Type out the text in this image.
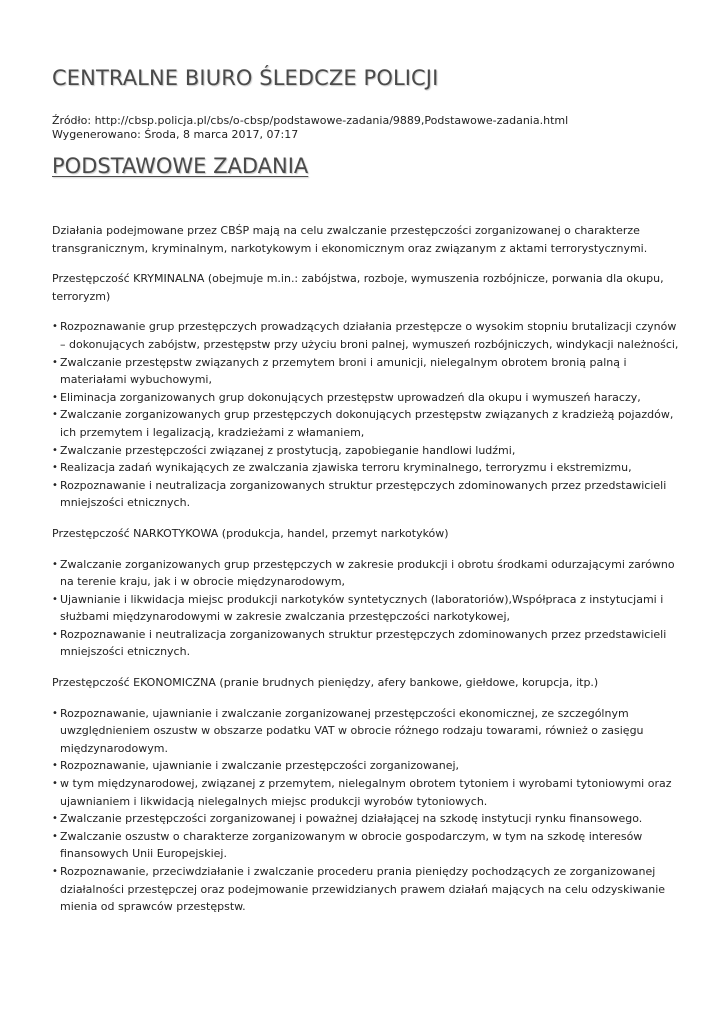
CENTRALNE BIURO ŚLEDCZE POLICJI
Źródło: http://cbsp.policja.pl/cbs/o-cbsp/podstawowe-zadania/9889,Podstawowe-zadania.html
Wygenerowano: Środa, 8 marca 2017, 07:17
PODSTAWOWE ZADANIA

Działania podejmowane przez CBŚP mają na celu zwalczanie przestępczości zorganizowanej o charakterze transgranicznym, kryminalnym, narkotykowym i ekonomicznym oraz związanym z aktami terrorystycznymi.

Przestępczość KRYMINALNA (obejmuje m.in.: zabójstwa, rozboje, wymuszenia rozbójnicze, porwania dla okupu, terroryzm)

• Rozpoznawanie grup przestępczych prowadzących działania przestępcze o wysokim stopniu brutalizacji czynów – dokonujących zabójstw, przestępstw przy użyciu broni palnej, wymuszeń rozbójniczych, windykacji należności,
• Zwalczanie przestępstw związanych z przemytem broni i amunicji, nielegalnym obrotem bronią palną i materiałami wybuchowymi,
• Eliminacja zorganizowanych grup dokonujących przestępstw uprowadzeń dla okupu i wymuszeń haraczy,
• Zwalczanie zorganizowanych grup przestępczych dokonujących przestępstw związanych z kradzieżą pojazdów, ich przemytem i legalizacją, kradzieżami z włamaniem,
• Zwalczanie przestępczości związanej z prostytucją, zapobieganie handlowi ludźmi,
• Realizacja zadań wynikających ze zwalczania zjawiska terroru kryminalnego, terroryzmu i ekstremizmu,
• Rozpoznawanie i neutralizacja zorganizowanych struktur przestępczych zdominowanych przez przedstawicieli mniejszości etnicznych.

Przestępczość NARKOTYKOWA (produkcja, handel, przemyt narkotyków)

• Zwalczanie zorganizowanych grup przestępczych w zakresie produkcji i obrotu środkami odurzającymi zarówno na terenie kraju, jak i w obrocie międzynarodowym,
• Ujawnianie i likwidacja miejsc produkcji narkotyków syntetycznych (laboratoriów),Współpraca z instytucjami i służbami międzynarodowymi w zakresie zwalczania przestępczości narkotykowej,
• Rozpoznawanie i neutralizacja zorganizowanych struktur przestępczych zdominowanych przez przedstawicieli mniejszości etnicznych.

Przestępczość EKONOMICZNA (pranie brudnych pieniędzy, afery bankowe, giełdowe, korupcja, itp.)

• Rozpoznawanie, ujawnianie i zwalczanie zorganizowanej przestępczości ekonomicznej, ze szczególnym uwzględnieniem oszustw w obszarze podatku VAT w obrocie różnego rodzaju towarami, również o zasięgu międzynarodowym.
• Rozpoznawanie, ujawnianie i zwalczanie przestępczości zorganizowanej,
• w tym międzynarodowej, związanej z przemytem, nielegalnym obrotem tytoniem i wyrobami tytoniowymi oraz ujawnianiem i likwidacją nielegalnych miejsc produkcji wyrobów tytoniowych.
• Zwalczanie przestępczości zorganizowanej i poważnej działającej na szkodę instytucji rynku finansowego.
• Zwalczanie oszustw o charakterze zorganizowanym w obrocie gospodarczym, w tym na szkodę interesów finansowych Unii Europejskiej.
• Rozpoznawanie, przeciwdziałanie i zwalczanie procederu prania pieniędzy pochodzących ze zorganizowanej działalności przestępczej oraz podejmowanie przewidzianych prawem działań mających na celu odzyskiwanie mienia od sprawców przestępstw.
